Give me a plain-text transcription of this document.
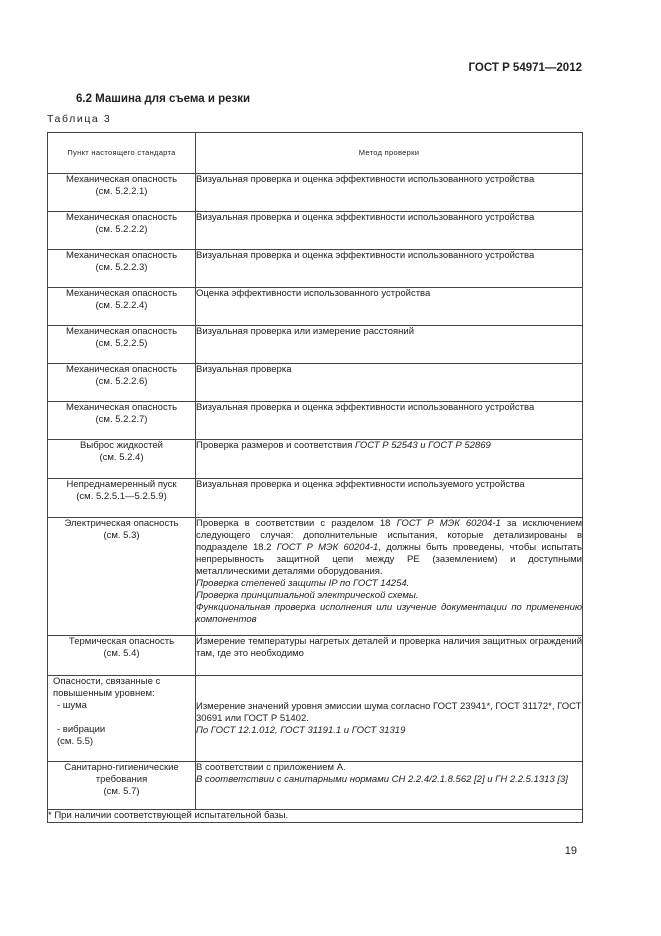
ГОСТ Р 54971—2012
6.2 Машина для съема и резки
Таблица 3
Пункт настоящего стандарта	Метод проверки

Механическая опасность
(см. 5.2.2.1)	Визуальная проверка и оценка эффективности использованного устройства

Механическая опасность
(см. 5.2.2.2)	Визуальная проверка и оценка эффективности использованного устройства

Механическая опасность
(см. 5.2.2.3)	Визуальная проверка и оценка эффективности использованного устройства

Механическая опасность
(см. 5.2.2.4)	Оценка эффективности использованного устройства

Механическая опасность
(см. 5.2.2.5)	Визуальная проверка или измерение расстояний

Механическая опасность
(см. 5.2.2.6)	Визуальная проверка

Механическая опасность
(см. 5.2.2.7)	Визуальная проверка и оценка эффективности использованного устройства

Выброс жидкостей
(см. 5.2.4)	Проверка размеров и соответствия ГОСТ Р 52543 и ГОСТ Р 52869

Непреднамеренный пуск
(см. 5.2.5.1—5.2.5.9)	Визуальная проверка и оценка эффективности используемого устройства

Электрическая опасность
(см. 5.3)	Проверка в соответствии с разделом 18 ГОСТ Р МЭК 60204-1 за исключением следующего случая: дополнительные испытания, которые детализированы в подразделе 18.2 ГОСТ Р МЭК 60204-1, должны быть проведены, чтобы испытать непрерывность защитной цепи между PE (заземлением) и доступными металлическими деталями оборудования.
Проверка степеней защиты IP по ГОСТ 14254.
Проверка принципиальной электрической схемы.
Функциональная проверка исполнения или изучение документации по применению компонентов

Термическая опасность
(см. 5.4)	Измерение температуры нагретых деталей и проверка наличия защитных ограждений там, где это необходимо

Опасности, связанные с повышенным уровнем:
- шума
- вибрации
(см. 5.5)	Измерение значений уровня эмиссии шума согласно ГОСТ 23941*, ГОСТ 31172*, ГОСТ 30691 или ГОСТ Р 51402.
По ГОСТ 12.1.012, ГОСТ 31191.1 и ГОСТ 31319

Санитарно-гигиенические требования
(см. 5.7)	В соответствии с приложением А.
В соответствии с санитарными нормами СН 2.2.4/2.1.8.562 [2] и ГН 2.2.5.1313 [3]

* При наличии соответствующей испытательной базы.	
19
